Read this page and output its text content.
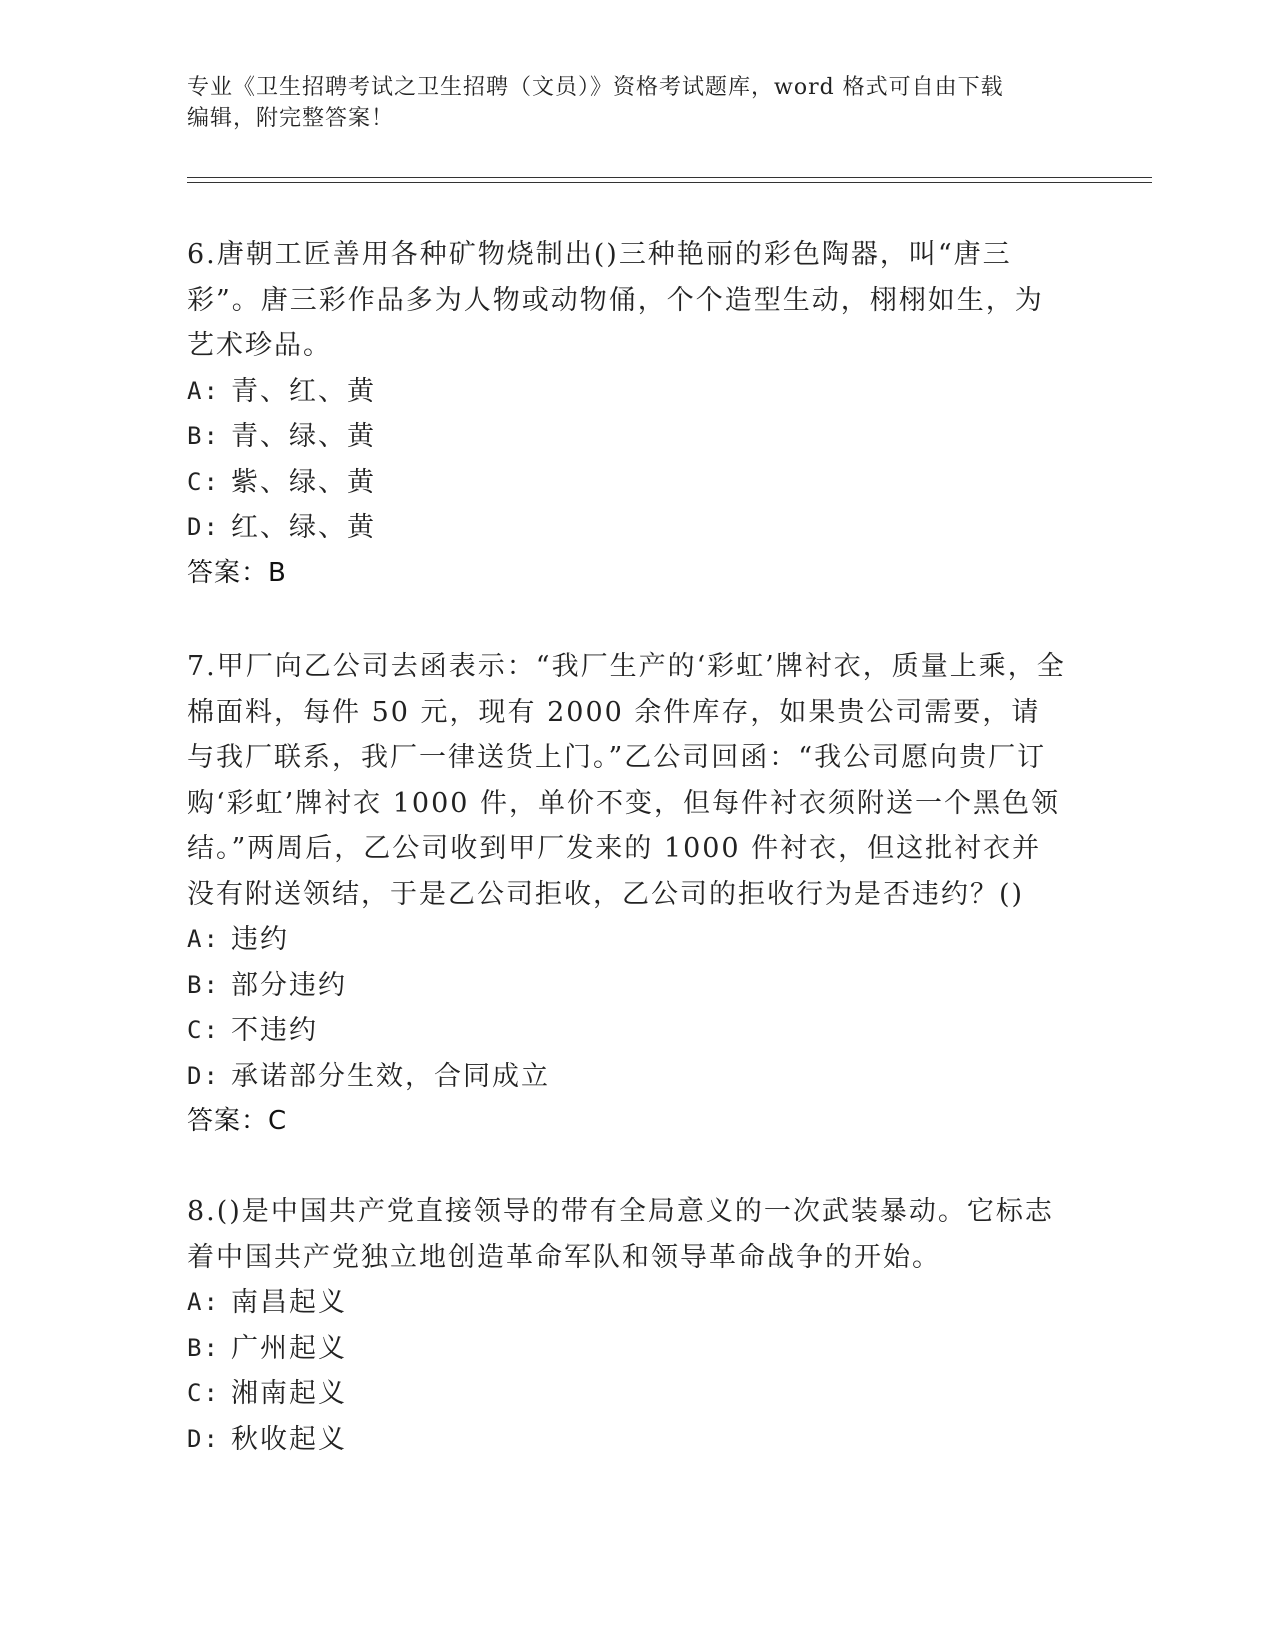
专业《卫生招聘考试之卫生招聘（文员）》资格考试题库，word 格式可自由下载
编辑，附完整答案！

6.唐朝工匠善用各种矿物烧制出()三种艳丽的彩色陶器，叫“唐三彩”。唐三彩作品多为人物或动物俑，个个造型生动，栩栩如生，为艺术珍品。

A: 青、红、黄
B: 青、绿、黄
C: 紫、绿、黄
D: 红、绿、黄
答案：B

7.甲厂向乙公司去函表示：“我厂生产的‘彩虹’牌衬衣，质量上乘，全棉面料，每件 50 元，现有 2000 余件库存，如果贵公司需要，请与我厂联系，我厂一律送货上门。”乙公司回函：“我公司愿向贵厂订购‘彩虹’牌衬衣 1000 件，单价不变，但每件衬衣须附送一个黑色领结。”两周后，乙公司收到甲厂发来的 1000 件衬衣，但这批衬衣并没有附送领结，于是乙公司拒收，乙公司的拒收行为是否违约？()

A: 违约
B: 部分违约
C: 不违约
D: 承诺部分生效，合同成立
答案：C

8.()是中国共产党直接领导的带有全局意义的一次武装暴动。它标志着中国共产党独立地创造革命军队和领导革命战争的开始。

A: 南昌起义
B: 广州起义
C: 湘南起义
D: 秋收起义
